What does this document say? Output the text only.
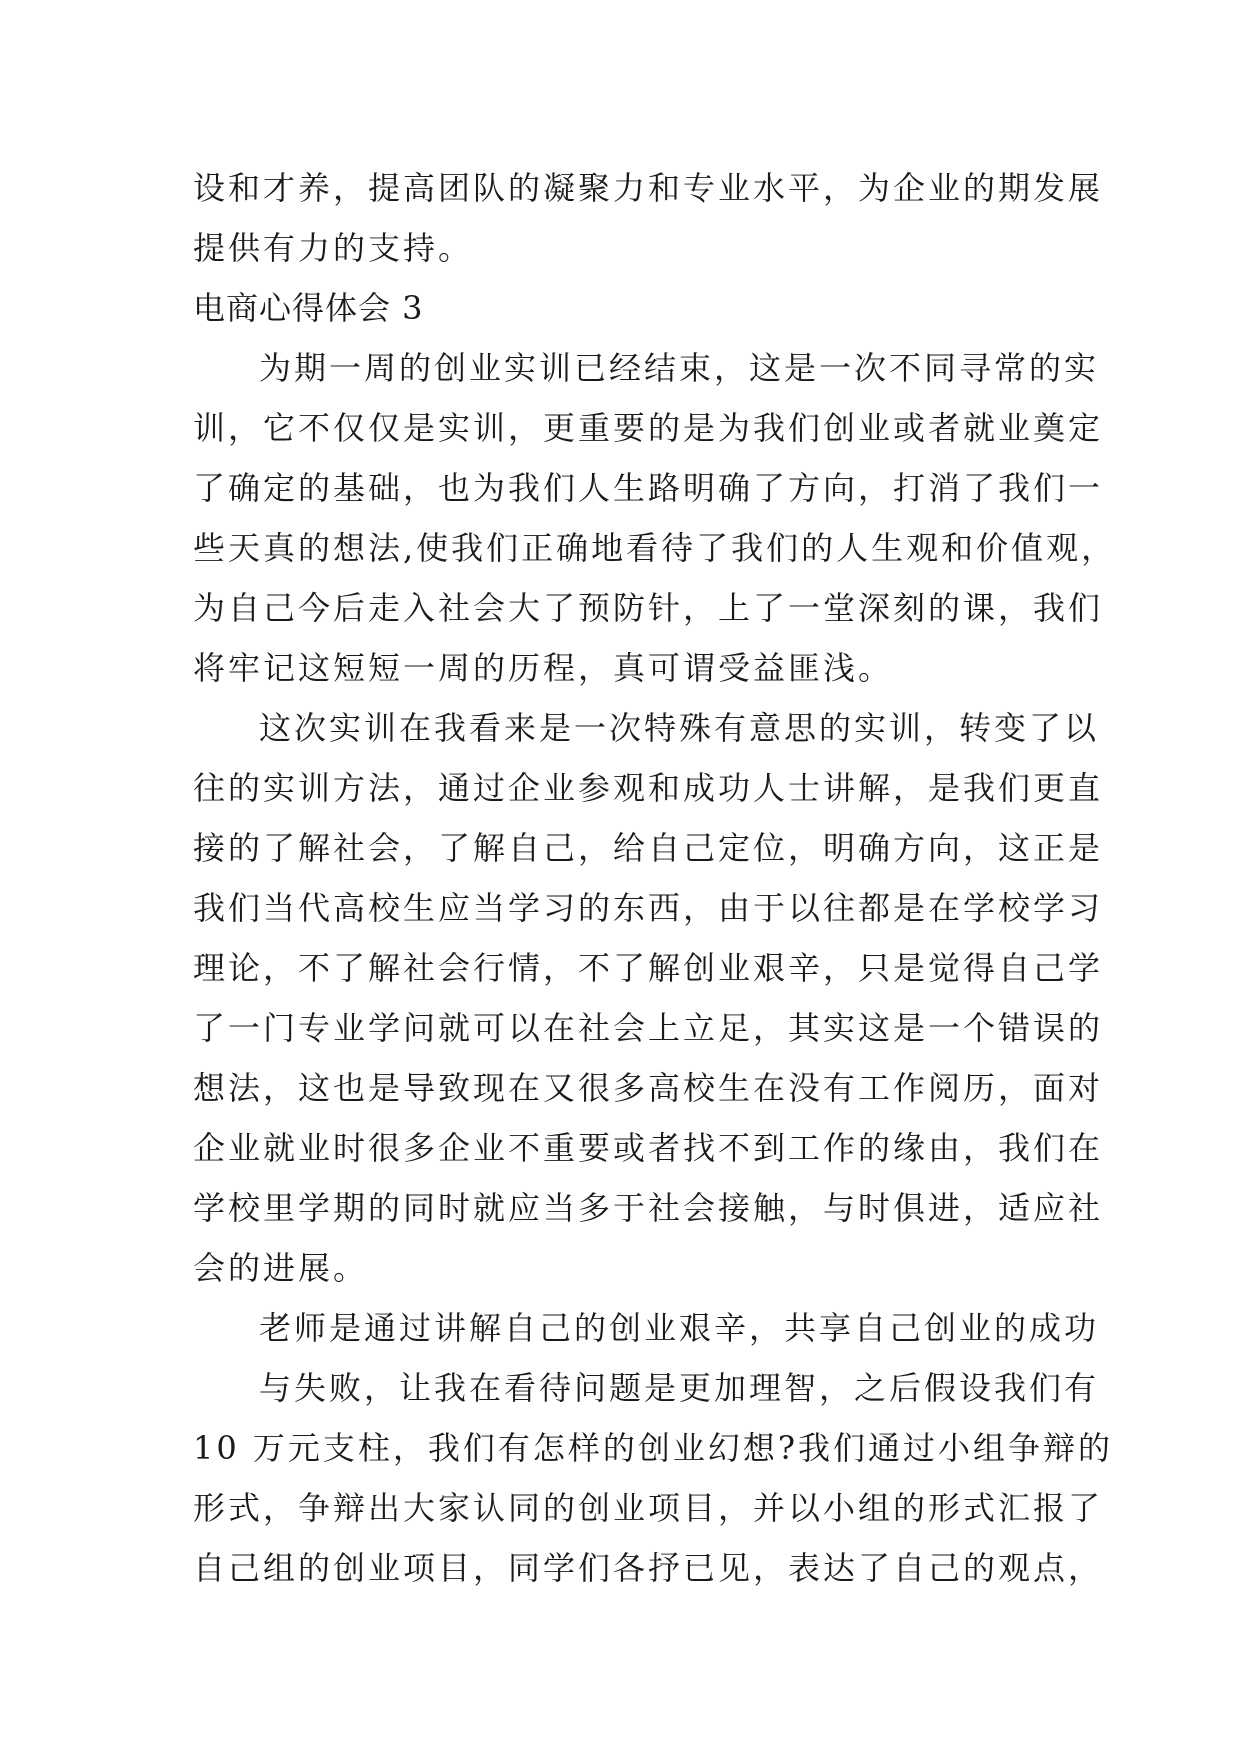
设和才养，提高团队的凝聚力和专业水平，为企业的期发展
提供有力的支持。
电商心得体会 3
为期一周的创业实训已经结束，这是一次不同寻常的实
训，它不仅仅是实训，更重要的是为我们创业或者就业奠定
了确定的基础，也为我们人生路明确了方向，打消了我们一
些天真的想法,使我们正确地看待了我们的人生观和价值观，
为自己今后走入社会大了预防针，上了一堂深刻的课，我们
将牢记这短短一周的历程，真可谓受益匪浅。
这次实训在我看来是一次特殊有意思的实训，转变了以
往的实训方法，通过企业参观和成功人士讲解，是我们更直
接的了解社会，了解自己，给自己定位，明确方向，这正是
我们当代高校生应当学习的东西，由于以往都是在学校学习
理论，不了解社会行情，不了解创业艰辛，只是觉得自己学
了一门专业学问就可以在社会上立足，其实这是一个错误的
想法，这也是导致现在又很多高校生在没有工作阅历，面对
企业就业时很多企业不重要或者找不到工作的缘由，我们在
学校里学期的同时就应当多于社会接触，与时俱进，适应社
会的进展。
老师是通过讲解自己的创业艰辛，共享自己创业的成功
与失败，让我在看待问题是更加理智，之后假设我们有
10 万元支柱，我们有怎样的创业幻想?我们通过小组争辩的
形式，争辩出大家认同的创业项目，并以小组的形式汇报了
自己组的创业项目，同学们各抒已见，表达了自己的观点，
